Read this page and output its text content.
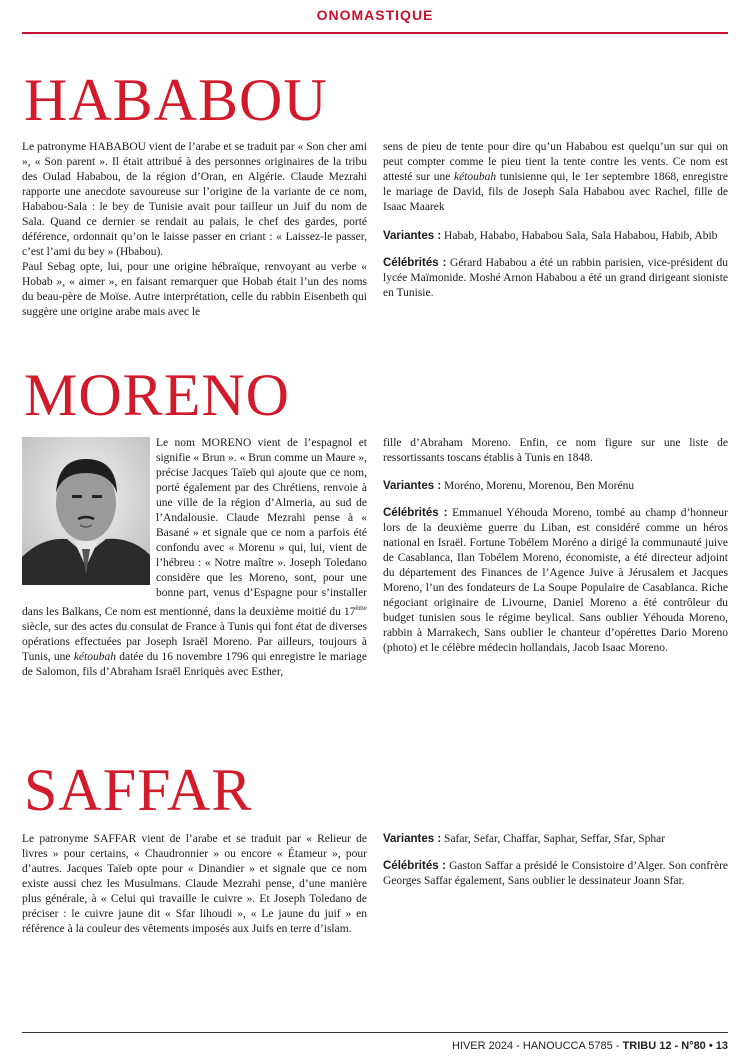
ONOMASTIQUE
HABABOU

Le patronyme HABABOU vient de l’arabe et se traduit par « Son cher ami », « Son parent ». Il était attribué à des personnes originaires de la tribu des Oulad Hababou, de la région d’Oran, en Algérie. Claude Mezrahi rapporte une anecdote savoureuse sur l’origine de la variante de ce nom, Hababou-Sala : le bey de Tunisie avait pour tailleur un Juif du nom de Sala. Quand ce dernier se rendait au palais, le chef des gardes, porté déférence, ordonnait qu’on le laisse passer en criant : « Laissez-le passer, c’est l’ami du bey » (Hbabou).

Paul Sebag opte, lui, pour une origine hébraïque, renvoyant au verbe « Hobab », « aimer », en faisant remarquer que Hobab était l’un des noms du beau-père de Moïse. Autre interprétation, celle du rabbin Eisenbeth qui suggère une origine arabe mais avec le

sens de pieu de tente pour dire qu’un Hababou est quelqu’un sur qui on peut compter comme le pieu tient la tente contre les vents. Ce nom est attesté sur une kétoubah tunisienne qui, le 1er septembre 1868, enregistre le mariage de David, fils de Joseph Sala Hababou avec Rachel, fille de Isaac Maarek

Variantes : Habab, Hababo, Hababou Sala, Sala Hababou, Habib, Abib

Célébrités : Gérard Hababou a été un rabbin parisien, vice-président du lycée Maïmonide. Moshé Arnon Hababou a été un grand dirigeant sioniste en Tunisie.

MORENO

Le nom MORENO vient de l’espagnol et signifie « Brun ». « Brun comme un Maure », précise Jacques Taïeb qui ajoute que ce nom, porté également par des Chrétiens, renvoie à une ville de la région d’Almeria, au sud de l’Andalousie. Claude Mezrahi pense à « Basané » et signale que ce nom a parfois été confondu avec « Morenu » qui, lui, vient de l’hébreu : « Notre maître ». Joseph Toledano considère que les Moreno, sont, pour une bonne part, venus d’Espagne pour s’installer dans les Balkans, Ce nom est mentionné, dans la deuxième moitié du 17ème siècle, sur des actes du consulat de France à Tunis qui font état de diverses opérations effectuées par Joseph Israël Moreno. Par ailleurs, toujours à Tunis, une kétoubah datée du 16 novembre 1796 qui enregistre le mariage de Salomon, fils d’Abraham Israël Enriquès avec Esther,

fille d’Abraham Moreno. Enfin, ce nom figure sur une liste de ressortissants toscans établis à Tunis en 1848.

Variantes : Moréno, Morenu, Morenou, Ben Morénu

Célébrités : Emmanuel Yéhouda Moreno, tombé au champ d’honneur lors de la deuxième guerre du Liban, est considéré comme un héros national en Israël. Fortune Tobélem Moréno a dirigé la communauté juive de Casablanca, Ilan Tobélem Moreno, économiste, a été directeur adjoint du département des Finances de l’Agence Juive à Jérusalem et Jacques Moreno, l’un des fondateurs de La Soupe Populaire de Casablanca. Riche négociant originaire de Livourne, Daniel Moreno a été contrôleur du budget tunisien sous le régime beylical. Sans oublier Yéhouda Moreno, rabbin à Marrakech, Sans oublier le chanteur d’opérettes Dario Moreno (photo) et le célèbre médecin hollandais, Jacob Isaac Moreno.

SAFFAR

Le patronyme SAFFAR vient de l’arabe et se traduit par « Relieur de livres » pour certains, « Chaudronnier » ou encore « Étameur », pour d’autres. Jacques Taïeb opte pour « Dinandier » et signale que ce nom existe aussi chez les Musulmans. Claude Mezrahi pense, d’une manière plus générale, à « Celui qui travaille le cuivre ». Et Joseph Toledano de préciser : le cuivre jaune dit « Sfar lihoudi », « Le jaune du juif » en référence à la couleur des vêtements imposés aux Juifs en terre d’islam.

Variantes : Safar, Sefar, Chaffar, Saphar, Seffar, Sfar, Sphar

Célébrités : Gaston Saffar a présidé le Consistoire d’Alger. Son confrère Georges Saffar également, Sans oublier le dessinateur Joann Sfar.

HIVER 2024 - HANOUCCA 5785 - TRIBU 12 - N°80 • 13
